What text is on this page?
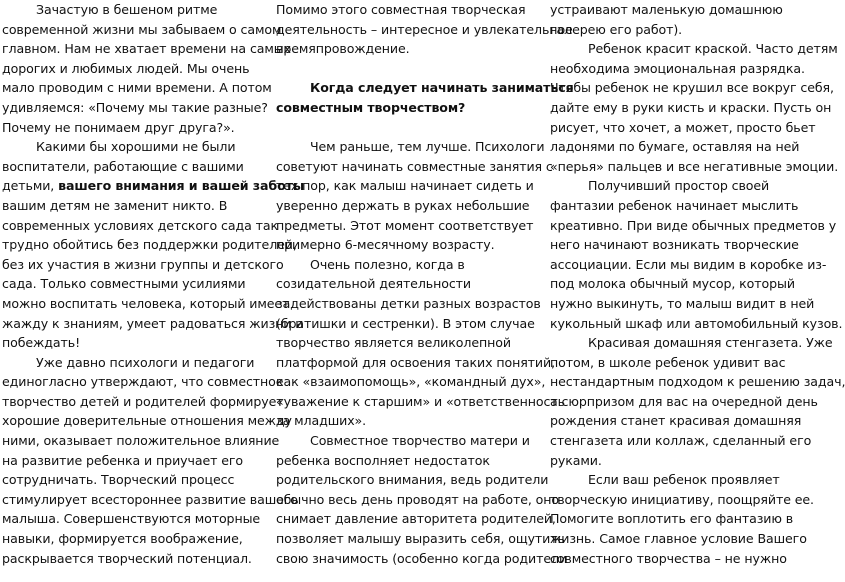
Зачастую в бешеном ритме
современной жизни мы забываем о самом
главном. Нам не хватает времени на самых
дорогих и любимых людей. Мы очень
мало проводим с ними времени. А потом
удивляемся: «Почему мы такие разные?
Почему не понимаем друг друга?».
Какими бы хорошими не были
воспитатели, работающие с вашими
детьми, вашего внимания и вашей заботы
вашим детям не заменит никто. В
современных условиях детского сада так
трудно обойтись без поддержки родителей,
без их участия в жизни группы и детского
сада. Только совместными усилиями
можно воспитать человека, который имеет
жажду к знаниям, умеет радоваться жизни и
побеждать!
Уже давно психологи и педагоги
единогласно утверждают, что совместное
творчество детей и родителей формирует
хорошие доверительные отношения между
ними, оказывает положительное влияние
на развитие ребенка и приучает его
сотрудничать. Творческий процесс
стимулирует всестороннее развитие вашего
малыша. Совершенствуются моторные
навыки, формируется воображение,
раскрывается творческий потенциал.
Помимо этого совместная творческая
деятельность – интересное и увлекательное
времяпровождение.
Когда следует начинать заниматься
совместным творчеством?
Чем раньше, тем лучше. Психологи
советуют начинать совместные занятия с
тех пор, как малыш начинает сидеть и
уверенно держать в руках небольшие
предметы. Этот момент соответствует
примерно 6-месячному возрасту.
Очень полезно, когда в
созидательной деятельности
задействованы детки разных возрастов
(братишки и сестренки). В этом случае
творчество является великолепной
платформой для освоения таких понятий,
как «взаимопомощь», «командный дух»,
«уважение к старшим» и «ответственность
за младших».
Совместное творчество матери и
ребенка восполняет недостаток
родительского внимания, ведь родители
обычно весь день проводят на работе, оно
снимает давление авторитета родителей,
позволяет малышу выразить себя, ощутить
свою значимость (особенно когда родители
устраивают маленькую домашнюю
галерею его работ).
Ребенок красит краской. Часто детям
необходима эмоциональная разрядка.
Чтобы ребенок не крушил все вокруг себя,
дайте ему в руки кисть и краски. Пусть он
рисует, что хочет, а может, просто бьет
ладонями по бумаге, оставляя на ней
«перья» пальцев и все негативные эмоции.
Получивший простор своей
фантазии ребенок начинает мыслить
креативно. При виде обычных предметов у
него начинают возникать творческие
ассоциации. Если мы видим в коробке из-
под молока обычный мусор, который
нужно выкинуть, то малыш видит в ней
кукольный шкаф или автомобильный кузов.
Красивая домашняя стенгазета. Уже
потом, в школе ребенок удивит вас
нестандартным подходом к решению задач,
а сюрпризом для вас на очередной день
рождения станет красивая домашняя
стенгазета или коллаж, сделанный его
руками.
Если ваш ребенок проявляет
творческую инициативу, поощряйте ее.
Помогите воплотить его фантазию в
жизнь. Самое главное условие Вашего
совместного творчества – не нужно
